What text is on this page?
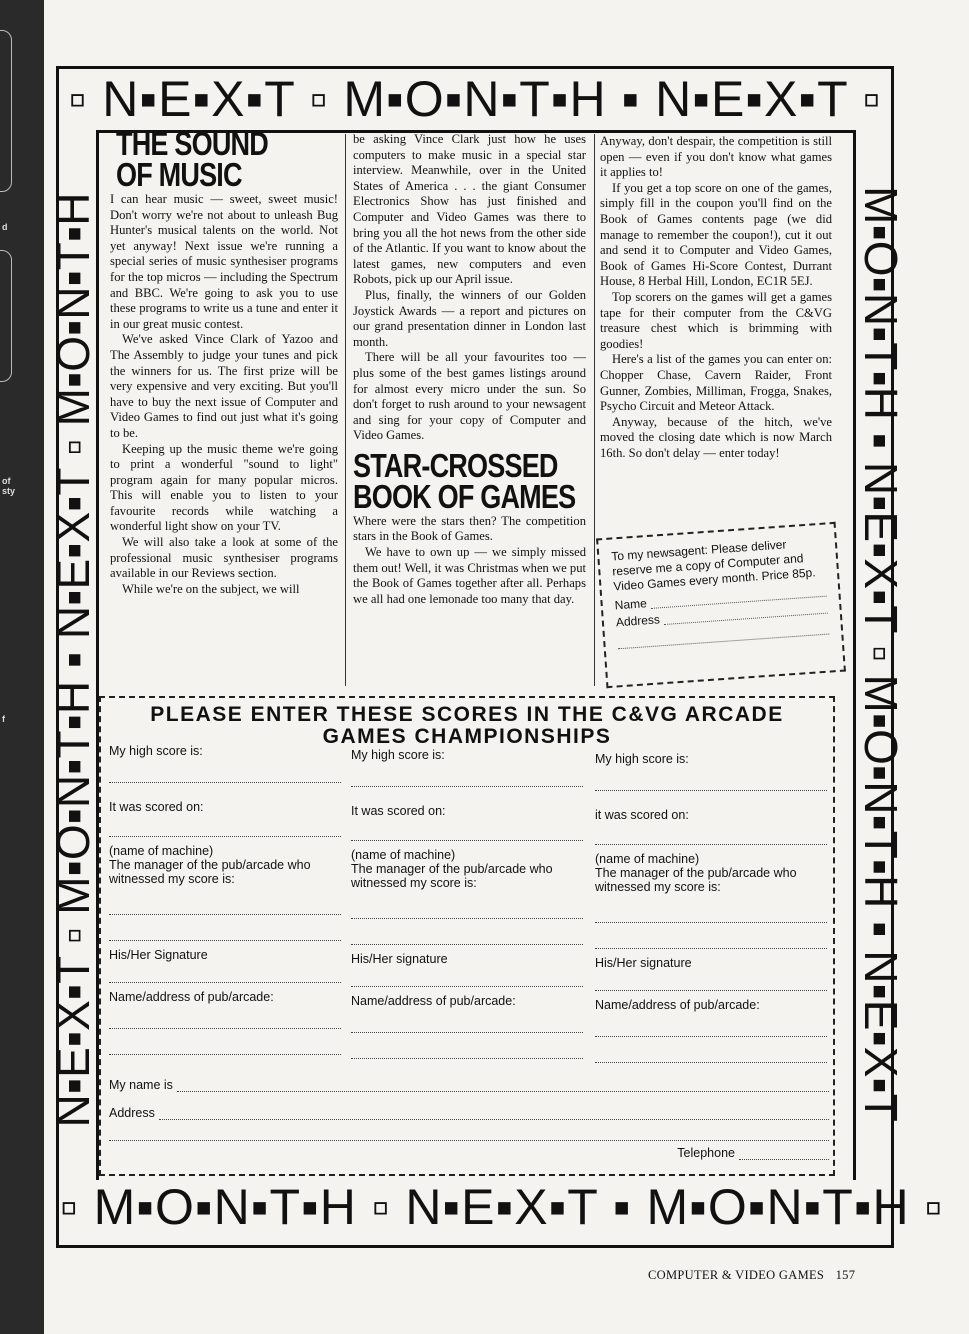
d
of
sty
f
▫ N▪E▪X▪T ▫ M▪O▪N▪T▪H ▪ N▪E▪X▪T ▫
▫ M▪O▪N▪T▪H ▫ N▪E▪X▪T ▪ M▪O▪N▪T▪H ▫
N▪E▪X▪T ▫ M▪O▪N▪T▪H ▪ N▪E▪X▪T ▫ M▪O▪N▪T▪H	M▪O▪N▪T▪H ▪ N▪E▪X▪T ▫ M▪O▪N▪T▪H ▪ N▪E▪X▪T
THE SOUND
OF MUSIC

I can hear music — sweet, sweet music! Don't worry we're not about to unleash Bug Hunter's musical talents on the world. Not yet anyway! Next issue we're running a special series of music synthesiser programs for the top micros — including the Spectrum and BBC. We're going to ask you to use these programs to write us a tune and enter it in our great music contest.

We've asked Vince Clark of Yazoo and The Assembly to judge your tunes and pick the winners for us. The first prize will be very expensive and very exciting. But you'll have to buy the next issue of Computer and Video Games to find out just what it's going to be.

Keeping up the music theme we're going to print a wonderful "sound to light" program again for many popular micros. This will enable you to listen to your favourite records while watching a wonderful light show on your TV.

We will also take a look at some of the professional music synthesiser programs available in our Reviews section.

While we're on the subject, we will

be asking Vince Clark just how he uses computers to make music in a special star interview. Meanwhile, over in the United States of America . . . the giant Consumer Electronics Show has just finished and Computer and Video Games was there to bring you all the hot news from the other side of the Atlantic. If you want to know about the latest games, new computers and even Robots, pick up our April issue.

Plus, finally, the winners of our Golden Joystick Awards — a report and pictures on our grand presentation dinner in London last month.

There will be all your favourites too — plus some of the best games listings around for almost every micro under the sun. So don't forget to rush around to your newsagent and sing for your copy of Computer and Video Games.

STAR-CROSSED
BOOK OF GAMES

Where were the stars then? The competition stars in the Book of Games.

We have to own up — we simply missed them out! Well, it was Christmas when we put the Book of Games together after all. Perhaps we all had one lemonade too many that day.

Anyway, don't despair, the competition is still open — even if you don't know what games it applies to!

If you get a top score on one of the games, simply fill in the coupon you'll find on the Book of Games contents page (we did manage to remember the coupon!), cut it out and send it to Computer and Video Games, Book of Games Hi-Score Contest, Durrant House, 8 Herbal Hill, London, EC1R 5EJ.

Top scorers on the games will get a games tape for their computer from the C&VG treasure chest which is brimming with goodies!

Here's a list of the games you can enter on: Chopper Chase, Cavern Raider, Front Gunner, Zombies, Milliman, Frogga, Snakes, Psycho Circuit and Meteor Attack.

Anyway, because of the hitch, we've moved the closing date which is now March 16th. So don't delay — enter today!

To my newsagent: Please deliver reserve me a copy of Computer and Video Games every month. Price 85p.
Name
Address
PLEASE ENTER THESE SCORES IN THE C&VG ARCADE
GAMES CHAMPIONSHIPS
My high score is:
It was scored on:
(name of machine)
The manager of the pub/arcade who witnessed my score is:
His/Her Signature
Name/address of pub/arcade:
My high score is:
It was scored on:
(name of machine)
The manager of the pub/arcade who witnessed my score is:
His/Her signature
Name/address of pub/arcade:
My high score is:
it was scored on:
(name of machine)
The manager of the pub/arcade who witnessed my score is:
His/Her signature
Name/address of pub/arcade:
My name is
Address
Telephone
COMPUTER & VIDEO GAMES 157
